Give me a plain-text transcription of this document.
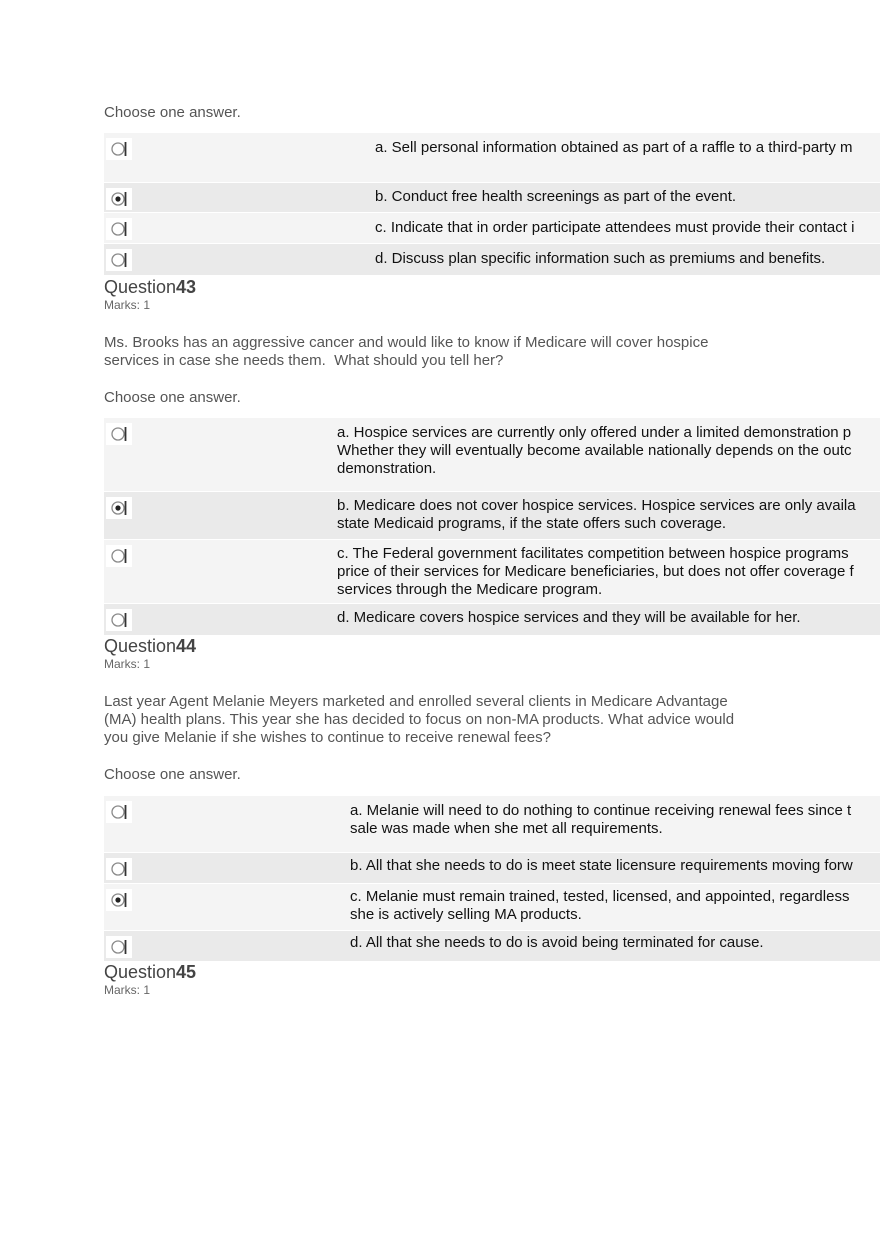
Choose one answer.
a. Sell personal information obtained as part of a raffle to a third-party m
b. Conduct free health screenings as part of the event.
c. Indicate that in order participate attendees must provide their contact i
d. Discuss plan specific information such as premiums and benefits.
Question43
Marks: 1
Ms. Brooks has an aggressive cancer and would like to know if Medicare will cover hospice
services in case she needs them.  What should you tell her?
Choose one answer.
a. Hospice services are currently only offered under a limited demonstration p
Whether they will eventually become available nationally depends on the outc
demonstration.
b. Medicare does not cover hospice services. Hospice services are only availa
state Medicaid programs, if the state offers such coverage.
c. The Federal government facilitates competition between hospice programs
price of their services for Medicare beneficiaries, but does not offer coverage f
services through the Medicare program.
d. Medicare covers hospice services and they will be available for her.
Question44
Marks: 1
Last year Agent Melanie Meyers marketed and enrolled several clients in Medicare Advantage
(MA) health plans. This year she has decided to focus on non-MA products. What advice would
you give Melanie if she wishes to continue to receive renewal fees?
Choose one answer.
a. Melanie will need to do nothing to continue receiving renewal fees since t
sale was made when she met all requirements.
b. All that she needs to do is meet state licensure requirements moving forw
c. Melanie must remain trained, tested, licensed, and appointed, regardless
she is actively selling MA products.
d. All that she needs to do is avoid being terminated for cause.
Question45
Marks: 1
